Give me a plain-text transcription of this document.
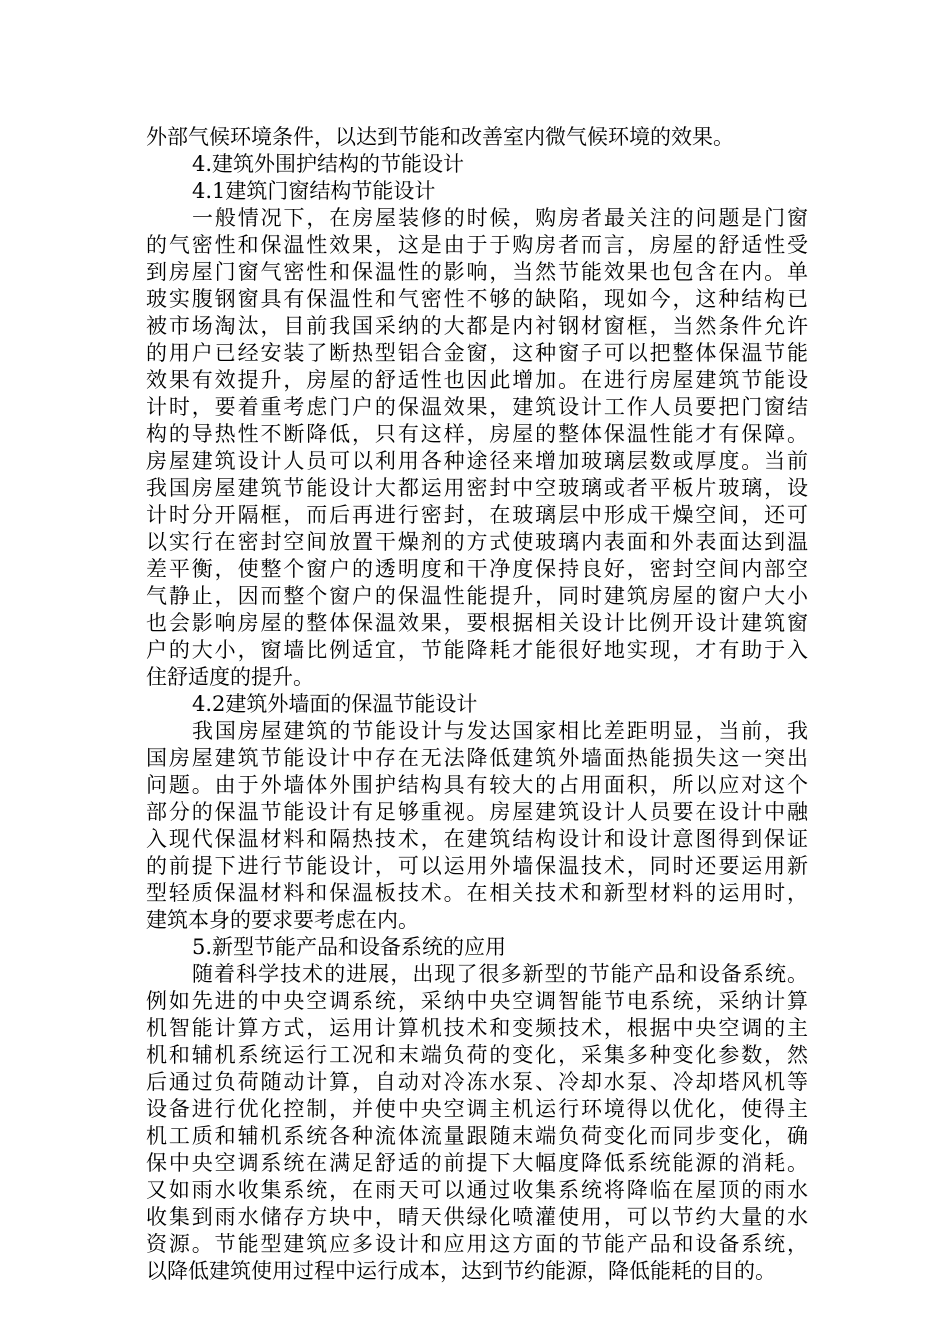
外部气候环境条件，以达到节能和改善室内微气候环境的效果。
4.建筑外围护结构的节能设计
4.1建筑门窗结构节能设计
一般情况下，在房屋装修的时候，购房者最关注的问题是门窗
的气密性和保温性效果，这是由于于购房者而言，房屋的舒适性受
到房屋门窗气密性和保温性的影响，当然节能效果也包含在内。单
玻实腹钢窗具有保温性和气密性不够的缺陷，现如今，这种结构已
被市场淘汰，目前我国采纳的大都是内衬钢材窗框，当然条件允许
的用户已经安装了断热型铝合金窗，这种窗子可以把整体保温节能
效果有效提升，房屋的舒适性也因此增加。在进行房屋建筑节能设
计时，要着重考虑门户的保温效果，建筑设计工作人员要把门窗结
构的导热性不断降低，只有这样，房屋的整体保温性能才有保障。
房屋建筑设计人员可以利用各种途径来增加玻璃层数或厚度。当前
我国房屋建筑节能设计大都运用密封中空玻璃或者平板片玻璃，设
计时分开隔框，而后再进行密封，在玻璃层中形成干燥空间，还可
以实行在密封空间放置干燥剂的方式使玻璃内表面和外表面达到温
差平衡，使整个窗户的透明度和干净度保持良好，密封空间内部空
气静止，因而整个窗户的保温性能提升，同时建筑房屋的窗户大小
也会影响房屋的整体保温效果，要根据相关设计比例开设计建筑窗
户的大小，窗墙比例适宜，节能降耗才能很好地实现，才有助于入
住舒适度的提升。
4.2建筑外墙面的保温节能设计
我国房屋建筑的节能设计与发达国家相比差距明显，当前，我
国房屋建筑节能设计中存在无法降低建筑外墙面热能损失这一突出
问题。由于外墙体外围护结构具有较大的占用面积，所以应对这个
部分的保温节能设计有足够重视。房屋建筑设计人员要在设计中融
入现代保温材料和隔热技术，在建筑结构设计和设计意图得到保证
的前提下进行节能设计，可以运用外墙保温技术，同时还要运用新
型轻质保温材料和保温板技术。在相关技术和新型材料的运用时，
建筑本身的要求要考虑在内。
5.新型节能产品和设备系统的应用
随着科学技术的进展，出现了很多新型的节能产品和设备系统。
例如先进的中央空调系统，采纳中央空调智能节电系统，采纳计算
机智能计算方式，运用计算机技术和变频技术，根据中央空调的主
机和辅机系统运行工况和末端负荷的变化，采集多种变化参数，然
后通过负荷随动计算，自动对冷冻水泵、冷却水泵、冷却塔风机等
设备进行优化控制，并使中央空调主机运行环境得以优化，使得主
机工质和辅机系统各种流体流量跟随末端负荷变化而同步变化，确
保中央空调系统在满足舒适的前提下大幅度降低系统能源的消耗。
又如雨水收集系统，在雨天可以通过收集系统将降临在屋顶的雨水
收集到雨水储存方块中，晴天供绿化喷灌使用，可以节约大量的水
资源。节能型建筑应多设计和应用这方面的节能产品和设备系统，
以降低建筑使用过程中运行成本，达到节约能源，降低能耗的目的。
